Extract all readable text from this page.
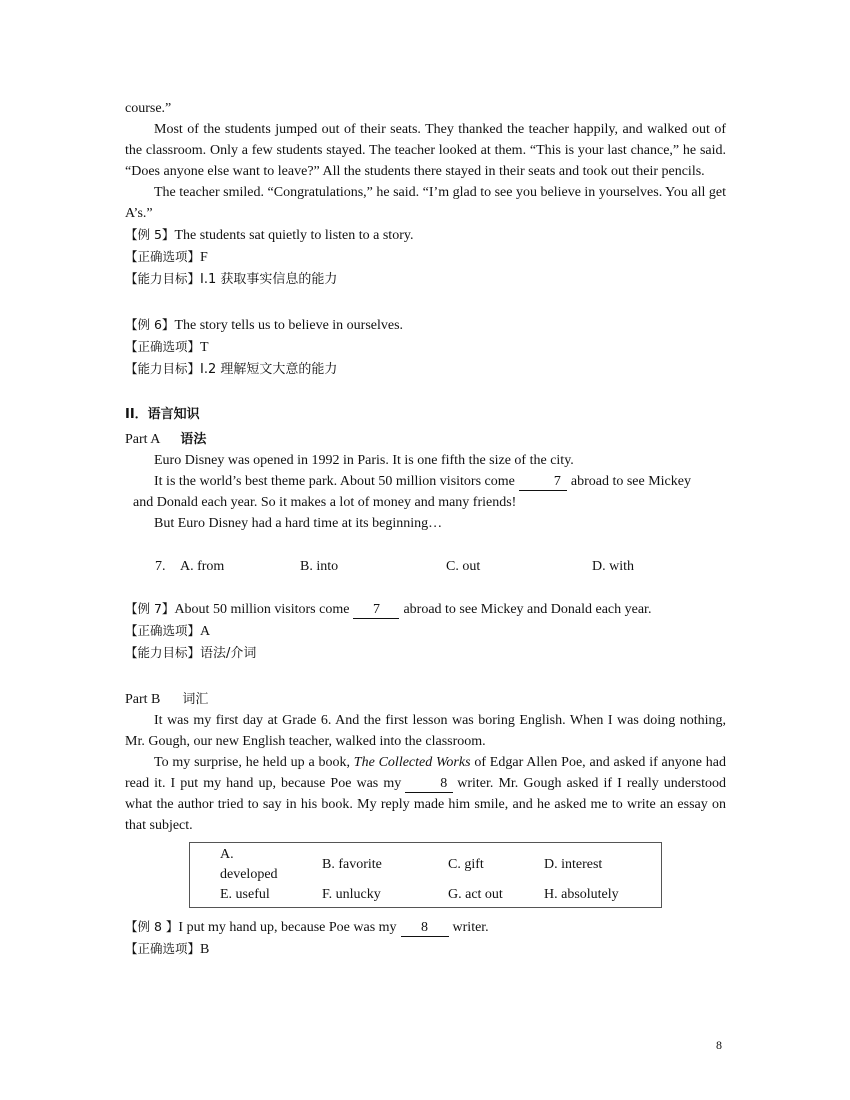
course.”

Most of the students jumped out of their seats. They thanked the teacher happily, and walked out of the classroom. Only a few students stayed. The teacher looked at them. “This is your last chance,” he said. “Does anyone else want to leave?” All the students there stayed in their seats and took out their pencils.

The teacher smiled. “Congratulations,” he said. “I’m glad to see you believe in yourselves. You all get A’s.”

【例 5】The students sat quietly to listen to a story.

【正确选项】F

【能力目标】I.1 获取事实信息的能力

【例 6】The story tells us to believe in ourselves.

【正确选项】T

【能力目标】I.2 理解短文大意的能力

II．语言知识

Part A 语法

Euro Disney was opened in 1992 in Paris. It is one fifth the size of the city.

It is the world’s best theme park. About 50 million visitors come	7 abroad to see Mickey

and Donald each year. So it makes a lot of money and many friends!

But Euro Disney had a hard time at its beginning…

7.	A. from	B. into	C. out	D. with

【例 7】About 50 million visitors come 7 abroad to see Mickey and Donald each year.

【正确选项】A

【能力目标】语法/介词

Part B 词汇

It was my first day at Grade 6. And the first lesson was boring English. When I was doing nothing, Mr. Gough, our new English teacher, walked into the classroom.

To my surprise, he held up a book, The Collected Works of Edgar Allen Poe, and asked if anyone had read it. I put my hand up, because Poe was my	8 writer. Mr. Gough asked if I really understood what the author tried to say in his book. My reply made him smile, and he asked me to write an essay on that subject.

A. developed	B. favorite	C. gift	D. interest
E. useful	F. unlucky	G. act out	H. absolutely

【例 8 】I put my hand up, because Poe was my 8 writer.

【正确选项】B

8
